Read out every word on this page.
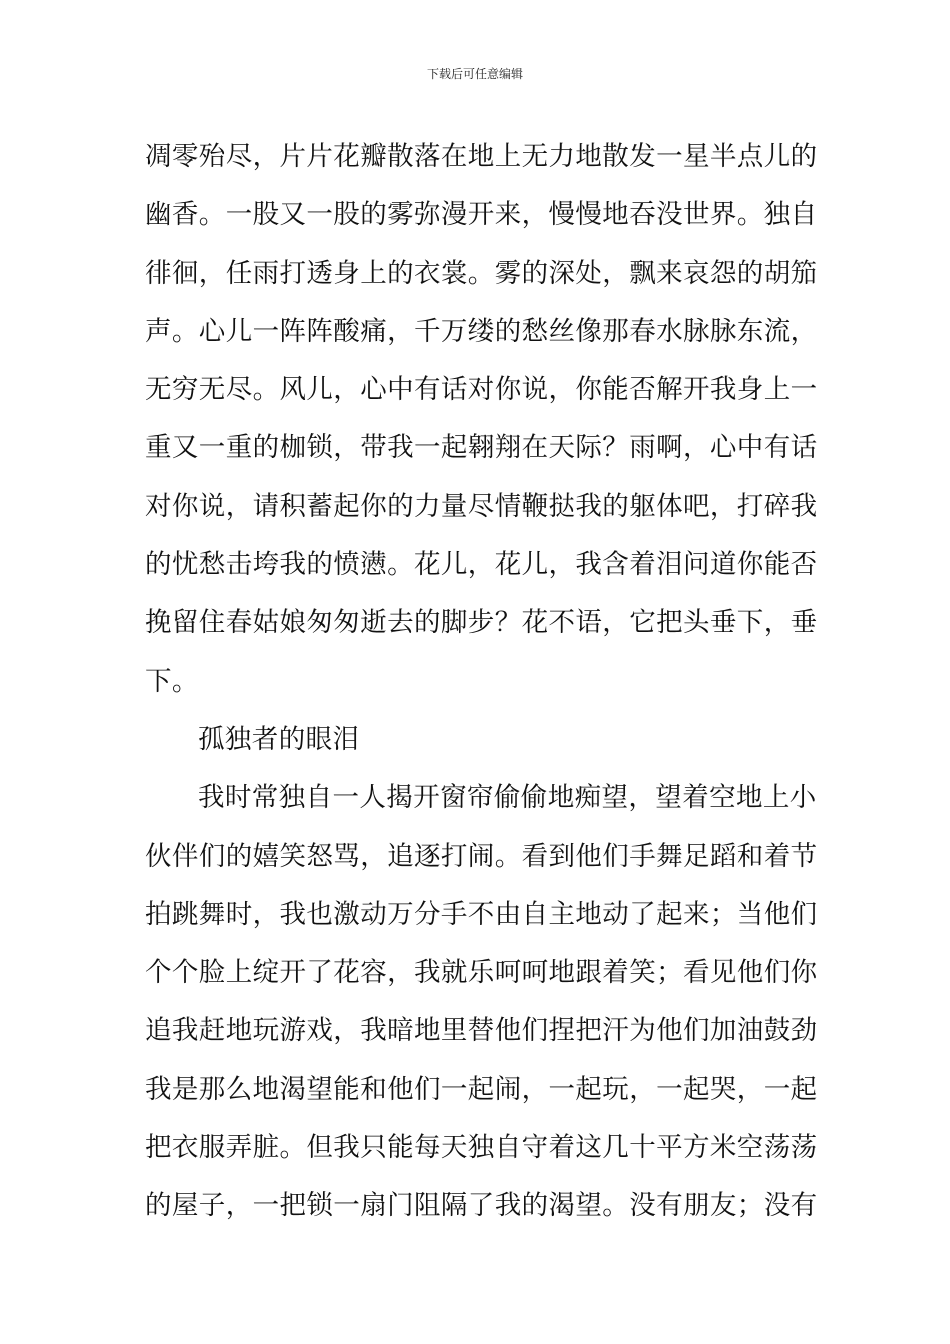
下载后可任意编辑
凋零殆尽，片片花瓣散落在地上无力地散发一星半点儿的
幽香。一股又一股的雾弥漫开来，慢慢地吞没世界。独自
徘徊，任雨打透身上的衣裳。雾的深处，飘来哀怨的胡笳
声。心儿一阵阵酸痛，千万缕的愁丝像那春水脉脉东流，
无穷无尽。风儿，心中有话对你说，你能否解开我身上一
重又一重的枷锁，带我一起翱翔在天际？雨啊，心中有话
对你说，请积蓄起你的力量尽情鞭挞我的躯体吧，打碎我
的忧愁击垮我的愤懑。花儿，花儿，我含着泪问道你能否
挽留住春姑娘匆匆逝去的脚步？花不语，它把头垂下，垂
下。
孤独者的眼泪
我时常独自一人揭开窗帘偷偷地痴望，望着空地上小
伙伴们的嬉笑怒骂，追逐打闹。看到他们手舞足蹈和着节
拍跳舞时，我也激动万分手不由自主地动了起来；当他们
个个脸上绽开了花容，我就乐呵呵地跟着笑；看见他们你
追我赶地玩游戏，我暗地里替他们捏把汗为他们加油鼓劲
我是那么地渴望能和他们一起闹，一起玩，一起哭，一起
把衣服弄脏。但我只能每天独自守着这几十平方米空荡荡
的屋子，一把锁一扇门阻隔了我的渴望。没有朋友；没有
